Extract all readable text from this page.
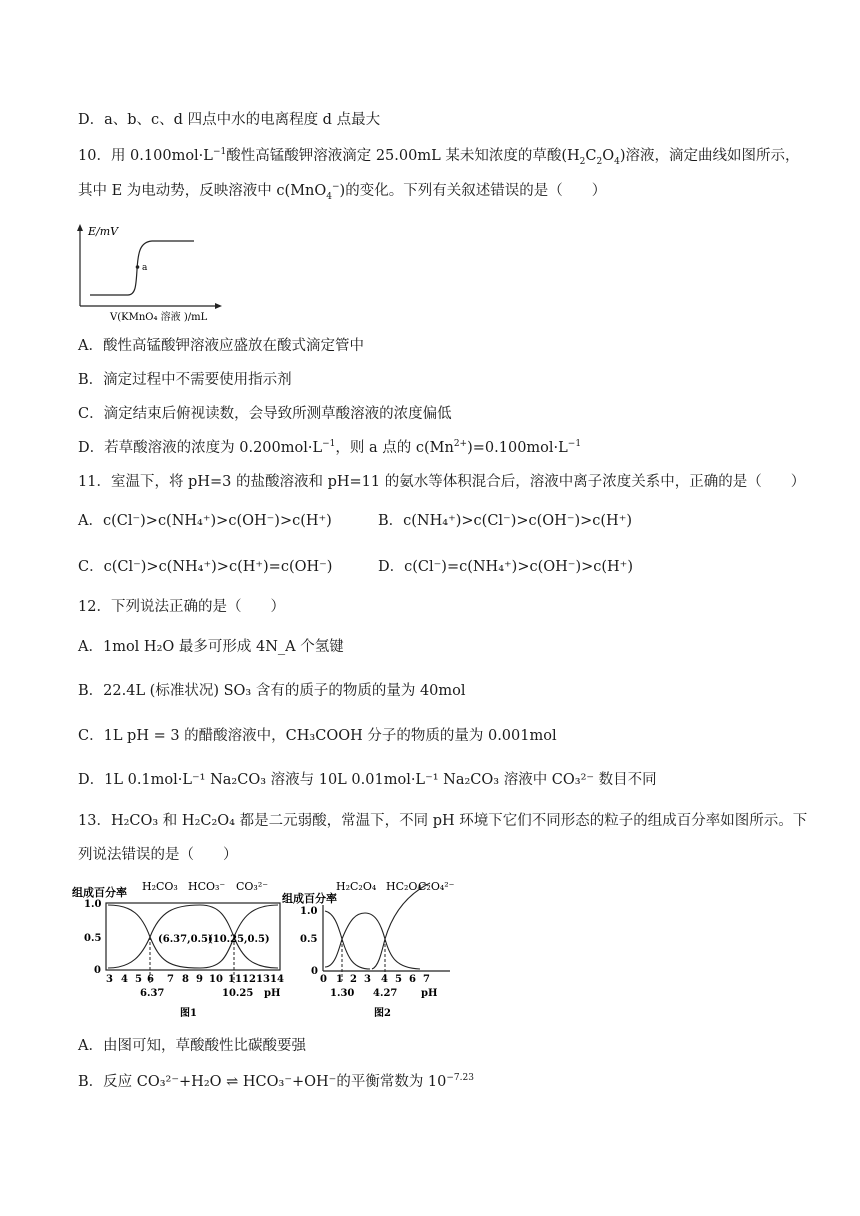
D．a、b、c、d 四点中水的电离程度 d 点最大
10．用 $0.100mol\cdot L^{-1}$酸性高锰酸钾溶液滴定 25.00mL 某未知浓度的草酸$(H_2C_2O_4)$溶液，滴定曲线如图所示，
其中 E 为电动势，反映溶液中 c(MnO$_4$−)的变化。下列有关叙述错误的是（　　）
E/mV
a
V(KMnO₄ 溶液 )/mL
A．酸性高锰酸钾溶液应盛放在酸式滴定管中
B．滴定过程中不需要使用指示剂
C．滴定结束后俯视读数，会导致所测草酸溶液的浓度偏低
D．若草酸溶液的浓度为 $0.200mol\cdot L^{-1}$，则 a 点的 $c(Mn^{2+})=0.100mol\cdot L^{-1}$
11．室温下，将 pH=3 的盐酸溶液和 pH=11 的氨水等体积混合后，溶液中离子浓度关系中，正确的是（　　）
A．c(Cl⁻)>c(NH₄⁺)>c(OH⁻)>c(H⁺)	B．c(NH₄⁺)>c(Cl⁻)>c(OH⁻)>c(H⁺)
C．c(Cl⁻)>c(NH₄⁺)>c(H⁺)=c(OH⁻)	D．c(Cl⁻)=c(NH₄⁺)>c(OH⁻)>c(H⁺)
12．下列说法正确的是（　　）
A．1mol H₂O 最多可形成 4N_A 个氢键
B．22.4L (标准状况) SO₃ 含有的质子的物质的量为 40mol
C．1L pH = 3 的醋酸溶液中，CH₃COOH 分子的物质的量为 0.001mol
D．1L 0.1mol·L⁻¹ Na₂CO₃ 溶液与 10L 0.01mol·L⁻¹ Na₂CO₃ 溶液中 CO₃²⁻ 数目不同
13．H₂CO₃ 和 H₂C₂O₄ 都是二元弱酸，常温下，不同 pH 环境下它们不同形态的粒子的组成百分率如图所示。下
列说法错误的是（　　）
组成百分率 H₂CO₃ HCO₃⁻ CO₃²⁻
1.0
0.5
0
(6.37,0.5)
(10.25,0.5)
3 4 5 6 7 8 9 10 11 12 13 14
6.37	10.25 pH
图1
组成百分率
H₂C₂O₄ HC₂O₄⁻
C₂O₄²⁻
1.0
0.5
0
0 1 2 3 4 5 6 7
1.30 4.27 pH
图2
A．由图可知，草酸酸性比碳酸要强
B．反应 CO₃²⁻+H₂O ⇌ HCO₃⁻+OH⁻的平衡常数为 $10^{-7.23}$
